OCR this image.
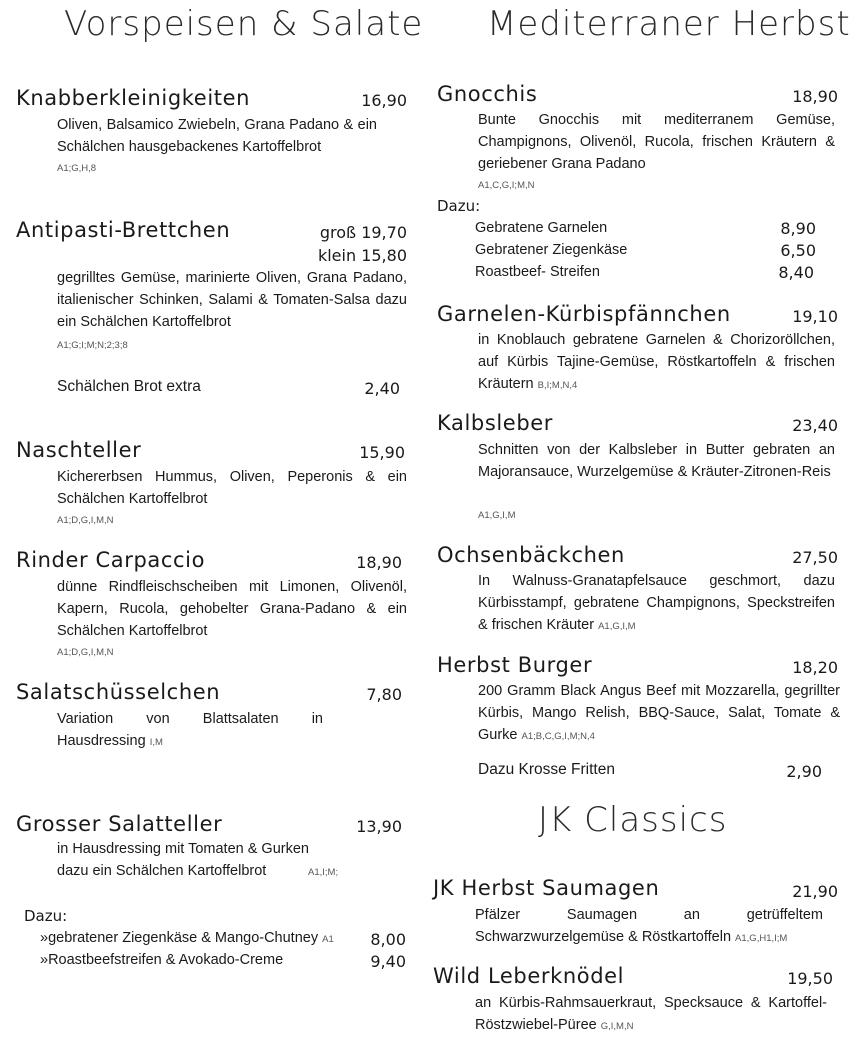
Vorspeisen & Salate
Knabberkleinigkeiten	16,90
Oliven, Balsamico Zwiebeln, Grana Padano & ein Schälchen hausgebackenes Kartoffelbrot
A1;G,H,8
Antipasti-Brettchen	groß 19,70
klein 15,80
gegrilltes Gemüse, marinierte Oliven, Grana Padano, italienischer Schinken, Salami & Tomaten-Salsa dazu ein Schälchen Kartoffelbrot
A1;G;I;M;N;2;3;8
Schälchen Brot extra	2,40
Naschteller	15,90
Kichererbsen Hummus, Oliven, Peperonis & ein Schälchen Kartoffelbrot
A1;D,G,I,M,N
Rinder Carpaccio	18,90
dünne Rindfleischscheiben mit Limonen, Olivenöl, Kapern, Rucola, gehobelter Grana-Padano & ein Schälchen Kartoffelbrot
A1;D,G,I,M,N
Salatschüsselchen	7,80
Variation von Blattsalaten in Hausdressing I,M
Grosser Salatteller	13,90
in Hausdressing mit Tomaten & Gurken
dazu ein Schälchen Kartoffelbrot	A1,I;M;
Dazu:
»gebratener Ziegenkäse & Mango-Chutney A1	8,00
»Roastbeefstreifen & Avokado-Creme	9,40
Mediterraner Herbst
Gnocchis	18,90
Bunte Gnocchis mit mediterranem Gemüse, Champignons, Olivenöl, Rucola, frischen Kräutern & geriebener Grana Padano
A1,C,G,I;M,N
Dazu:
Gebratene Garnelen	8,90
Gebratener Ziegenkäse	6,50
Roastbeef- Streifen	8,40
Garnelen-Kürbispfännchen	19,10
in Knoblauch gebratene Garnelen & Chorizoröllchen, auf Kürbis Tajine-Gemüse, Röstkartoffeln & frischen Kräutern B,I;M,N,4
Kalbsleber	23,40
Schnitten von der Kalbsleber in Butter gebraten an Majoransauce, Wurzelgemüse & Kräuter-Zitronen-Reis
A1,G,I,M
Ochsenbäckchen	27,50
In Walnuss-Granatapfelsauce geschmort, dazu Kürbisstampf, gebratene Champignons, Speckstreifen & frischen Kräuter A1,G,I,M
Herbst Burger	18,20
200 Gramm Black Angus Beef mit Mozzarella, gegrillter Kürbis, Mango Relish, BBQ-Sauce, Salat, Tomate & Gurke A1;B,C,G,I,M;N,4
Dazu Krosse Fritten	2,90
JK Classics
JK Herbst Saumagen	21,90
Pfälzer Saumagen an getrüffeltem Schwarzwurzelgemüse & Röstkartoffeln A1,G,H1,I;M
Wild Leberknödel	19,50
an Kürbis-Rahmsauerkraut, Specksauce & Kartoffel-Röstzwiebel-Püree G,I,M,N
